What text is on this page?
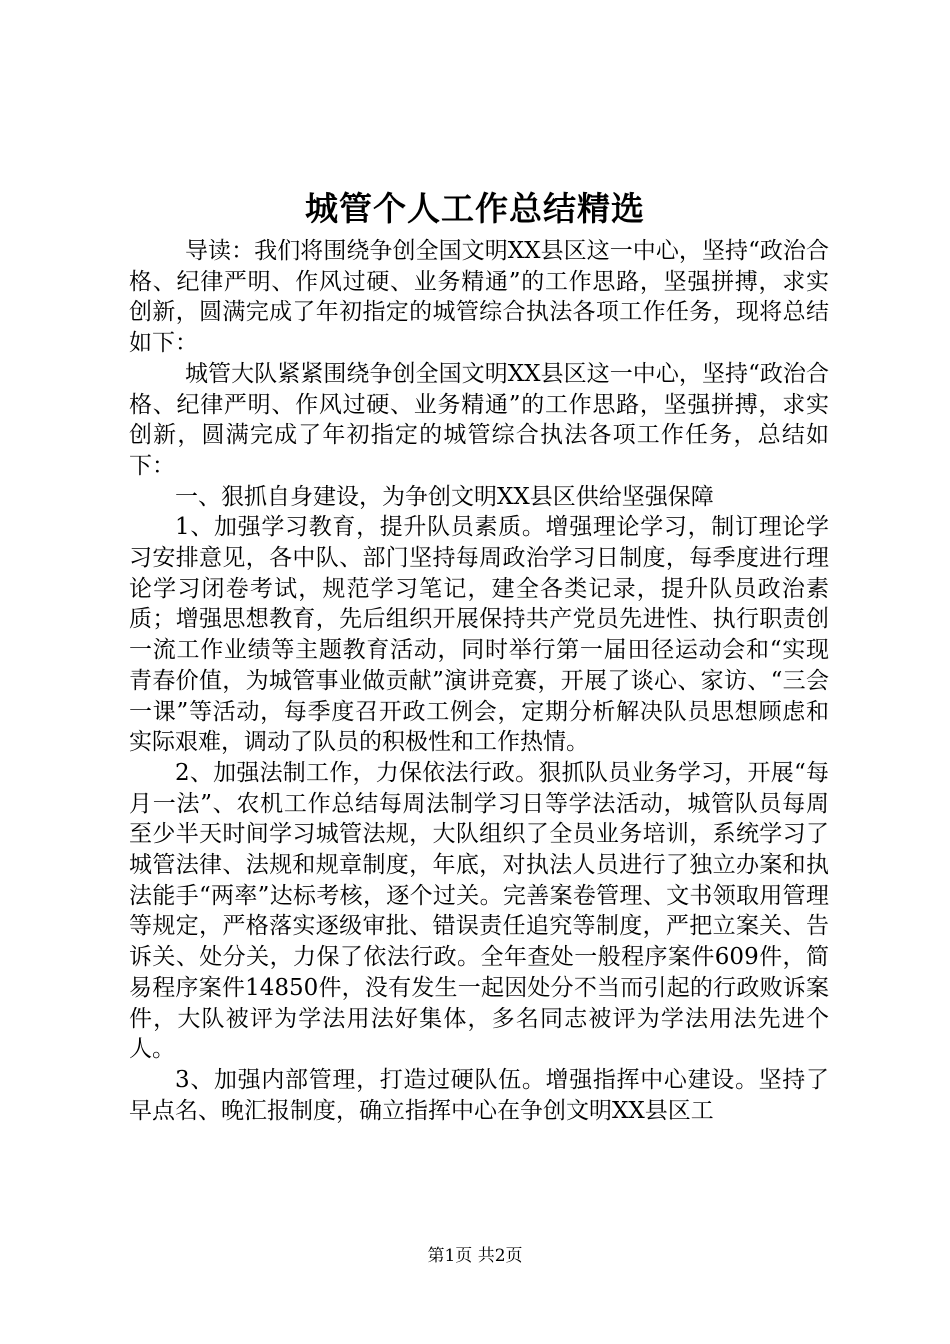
城管个人工作总结精选

导读：我们将围绕争创全国文明XX县区这一中心，坚持“政治合格、纪律严明、作风过硬、业务精通”的工作思路，坚强拼搏，求实创新，圆满完成了年初指定的城管综合执法各项工作任务，现将总结如下：

城管大队紧紧围绕争创全国文明XX县区这一中心，坚持“政治合格、纪律严明、作风过硬、业务精通”的工作思路，坚强拼搏，求实创新，圆满完成了年初指定的城管综合执法各项工作任务，总结如下：

一、狠抓自身建设，为争创文明XX县区供给坚强保障

1、加强学习教育，提升队员素质。增强理论学习，制订理论学习安排意见，各中队、部门坚持每周政治学习日制度，每季度进行理论学习闭卷考试，规范学习笔记，建全各类记录，提升队员政治素质；增强思想教育，先后组织开展保持共产党员先进性、执行职责创一流工作业绩等主题教育活动，同时举行第一届田径运动会和“实现青春价值，为城管事业做贡献”演讲竞赛，开展了谈心、家访、“三会一课”等活动，每季度召开政工例会，定期分析解决队员思想顾虑和实际艰难，调动了队员的积极性和工作热情。

2、加强法制工作，力保依法行政。狠抓队员业务学习，开展“每月一法”、农机工作总结每周法制学习日等学法活动，城管队员每周至少半天时间学习城管法规，大队组织了全员业务培训，系统学习了城管法律、法规和规章制度，年底，对执法人员进行了独立办案和执法能手“两率”达标考核，逐个过关。完善案卷管理、文书领取用管理等规定，严格落实逐级审批、错误责任追究等制度，严把立案关、告诉关、处分关，力保了依法行政。全年查处一般程序案件609件，简易程序案件14850件，没有发生一起因处分不当而引起的行政败诉案件，大队被评为学法用法好集体，多名同志被评为学法用法先进个人。

3、加强内部管理，打造过硬队伍。增强指挥中心建设。坚持了早点名、晚汇报制度，确立指挥中心在争创文明XX县区工

第1页 共2页
